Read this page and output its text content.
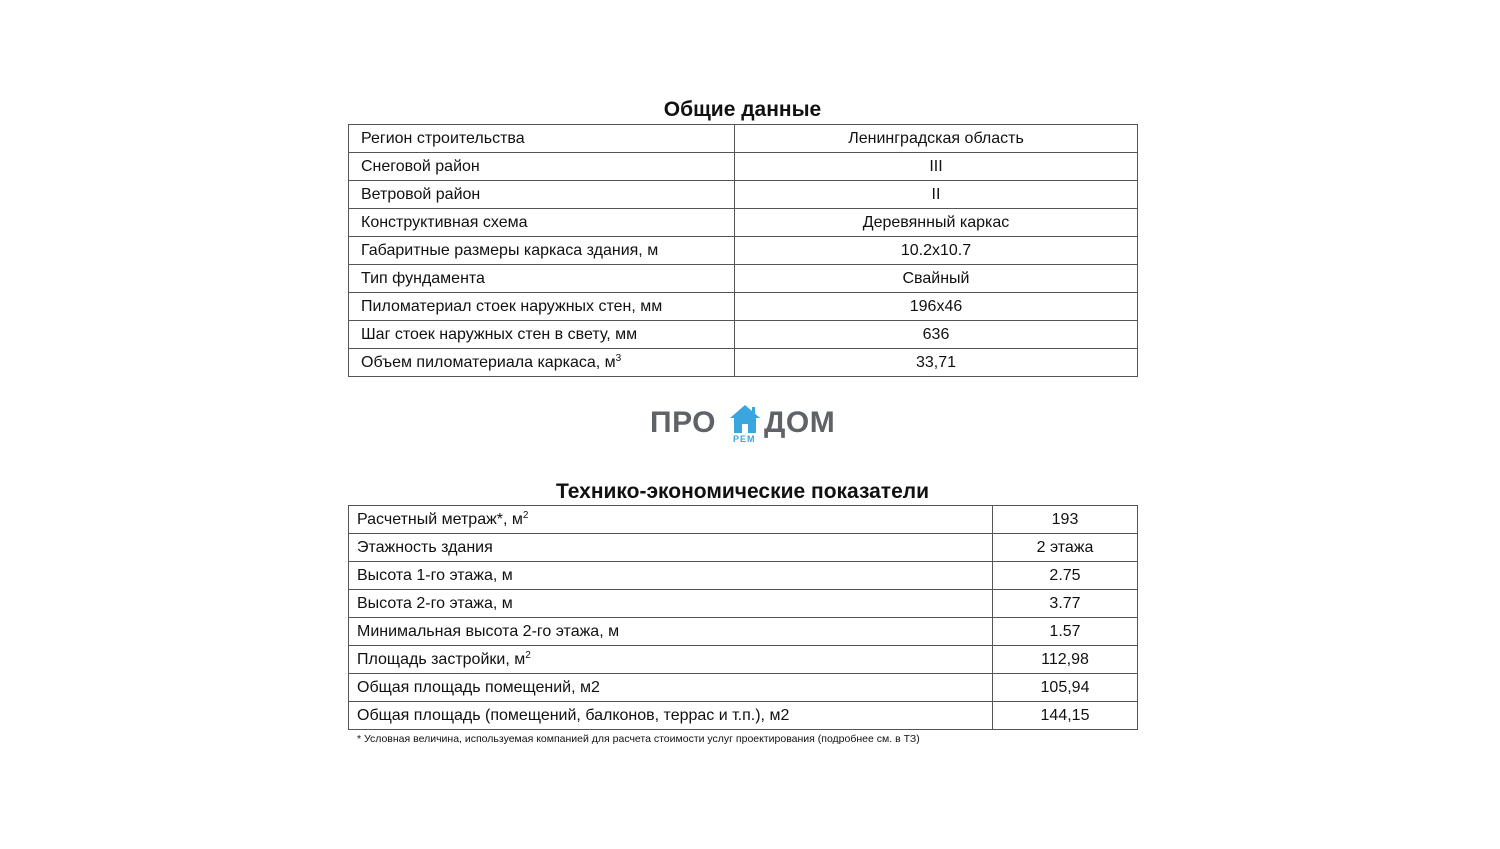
Общие данные
Регион строительства	Ленинградская область
Снеговой район	III
Ветровой район	II
Конструктивная схема	Деревянный каркас
Габаритные размеры каркаса здания, м	10.2x10.7
Тип фундамента	Свайный
Пиломатериал стоек наружных стен, мм	196x46
Шаг стоек наружных стен в свету, мм	636
Объем пиломатериала каркаса, $м^3$	33,71
ПРО РЕМ ДОМ
Технико-экономические показатели
Расчетный метраж*, $м^2$	193
Этажность здания	2 этажа
Высота 1-го этажа, м	2.75
Высота 2-го этажа, м	3.77
Минимальная высота 2-го этажа, м	1.57
Площадь застройки, $м^2$	112,98
Общая площадь помещений, м2	105,94
Общая площадь (помещений, балконов, террас и т.п.), м2	144,15
* Условная величина, используемая компанией для расчета стоимости услуг проектирования (подробнее см. в ТЗ)
